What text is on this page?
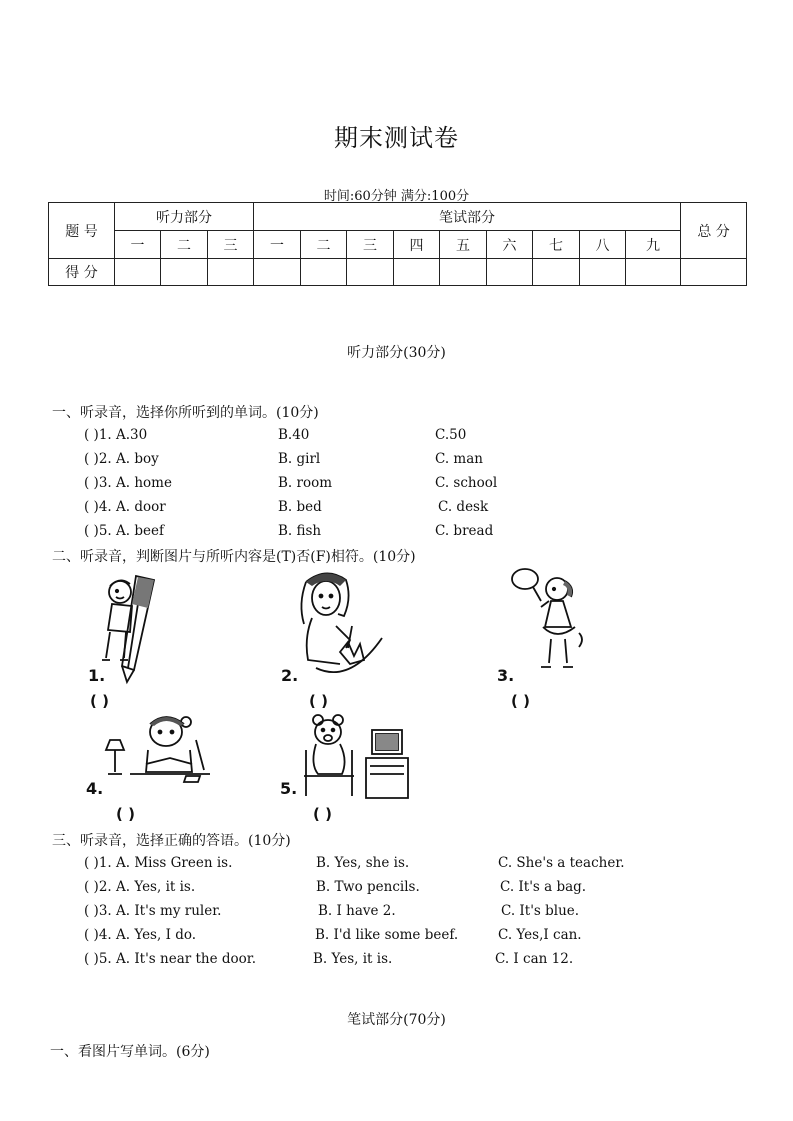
期末测试卷
时间:60分钟 满分:100分
题 号	听力部分			笔试部分									总 分
	一	二	三	一	二	三	四	五	六	七	八	九	
得 分													
听力部分(30分)
一、听录音，选择你所听到的单词。(10分)
( )1. A.30	B.40	C.50
( )2. A. boy	B. girl	C. man
( )3. A. home	B. room	C. school
( )4. A. door	B. bed	C. desk
( )5. A. beef	B. fish	C. bread
二、听录音，判断图片与所听内容是(T)否(F)相符。(10分)
1.
( )
2.
( )
3.
( )
4.
( )
5.
( )
三、听录音，选择正确的答语。(10分)
( )1. A. Miss Green is.	B. Yes, she is.	C. She's a teacher.
( )2. A. Yes, it is.	B. Two pencils.	C. It's a bag.
( )3. A. It's my ruler.	B. I have 2.	C. It's blue.
( )4. A. Yes, I do.	B. I'd like some beef.	C. Yes,I can.
( )5. A. It's near the door.	B. Yes, it is.	C. I can 12.
笔试部分(70分)
一、看图片写单词。(6分)
